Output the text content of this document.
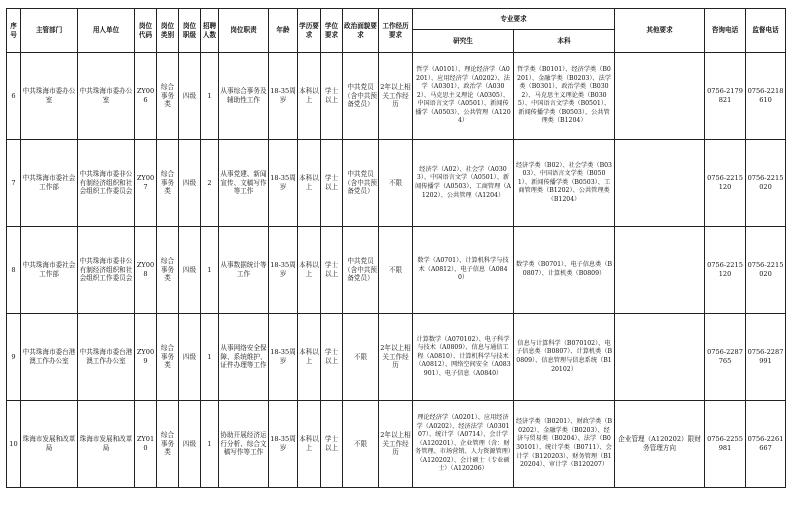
序号	主管部门	用人单位	岗位代码	岗位类别	岗位职级	招聘人数	岗位职责	年龄	学历要求	学位要求	政治面貌要求	工作经历要求	专业要求		其他要求	咨询电话	监督电话
													研究生	本科			
6	中共珠海市委办公室	中共珠海市委办公室	ZY006	综合事务类	四级	1	从事综合事务及辅助性工作	18-35周岁	本科以上	学士以上	中共党员（含中共预备党员）	2年以上相关工作经历	哲学（A0101）、理论经济学（A0201）、应用经济学（A0202）、法学（A0301）、政治学（A0302）、马克思主义理论（A0305）、中国语言文学（A0501）、新闻传播学（A0503）、公共管理（A1204）	哲学类（B0101）、经济学类（B0201）、金融学类（B0203）、法学类（B0301）、政治学类（B0302）、马克思主义理论类（B0305）、中国语言文学类（B0501）、新闻传播学类（B0503）、公共管理类（B1204）		0756-2179821	0756-2218610
7	中共珠海市委社会工作部	中共珠海市委非公有制经济组织和社会组织工作委员会	ZY007	综合事务类	四级	2	从事党建、新闻宣传、文稿写作等工作	18-35周岁	本科以上	学士以上	中共党员（含中共预备党员）	不限	经济学（A02）、社会学（A0303）、中国语言文学（A0501）、新闻传播学（A0503）、工商管理（A1202）、公共管理（A1204）	经济学类（B02）、社会学类（B0303）、中国语言文学类（B0501）、新闻传播学类（B0503）、工商管理类（B1202）、公共管理类（B1204）		0756-2215120	0756-2215020
8	中共珠海市委社会工作部	中共珠海市委非公有制经济组织和社会组织工作委员会	ZY008	综合事务类	四级	1	从事数据统计等工作	18-35周岁	本科以上	学士以上	中共党员（含中共预备党员）	不限	数学（A0701）、计算机科学与技术（A0812）、电子信息（A0840）	数学类（B0701）、电子信息类（B0807）、计算机类（B0809）		0756-2215120	0756-2215020
9	中共珠海市委台港澳工作办公室	中共珠海市委台港澳工作办公室	ZY009	综合事务类	四级	1	从事网络安全保障、系统维护、证件办理等工作	18-35周岁	本科以上	学士以上	不限	2年以上相关工作经历	计算数学（A070102）、电子科学与技术（A0809）、信息与通信工程（A0810）、计算机科学与技术（A0812）、网络空间安全（A083901）、电子信息（A0840）	信息与计算科学（B070102）、电子信息类（B0807）、计算机类（B0809）、信息管理与信息系统（B120102）		0756-2287765	0756-2287991
10	珠海市发展和改革局	珠海市发展和改革局	ZY010	综合事务类	四级	1	协助开展经济运行分析、综合文稿写作等工作	18-35周岁	本科以上	学士以上	不限	2年以上相关工作经历	理论经济学（A0201）、应用经济学（A0202）、经济法学（A030107）、统计学（A0714）、会计学（A120201）、企业管理（含：财务管理、市场营销、人力资源管理）（A120202）、会计硕士（专业硕士）（A120206）	经济学类（B0201）、财政学类（B0202）、金融学类（B0203）、经济与贸易类（B0204）、法学（B030101）、统计学类（B0711）、会计学（B120203）、财务管理（B120204）、审计学（B120207）	企业管理（A120202）限财务管理方向	0756-2255981	0756-2261667
